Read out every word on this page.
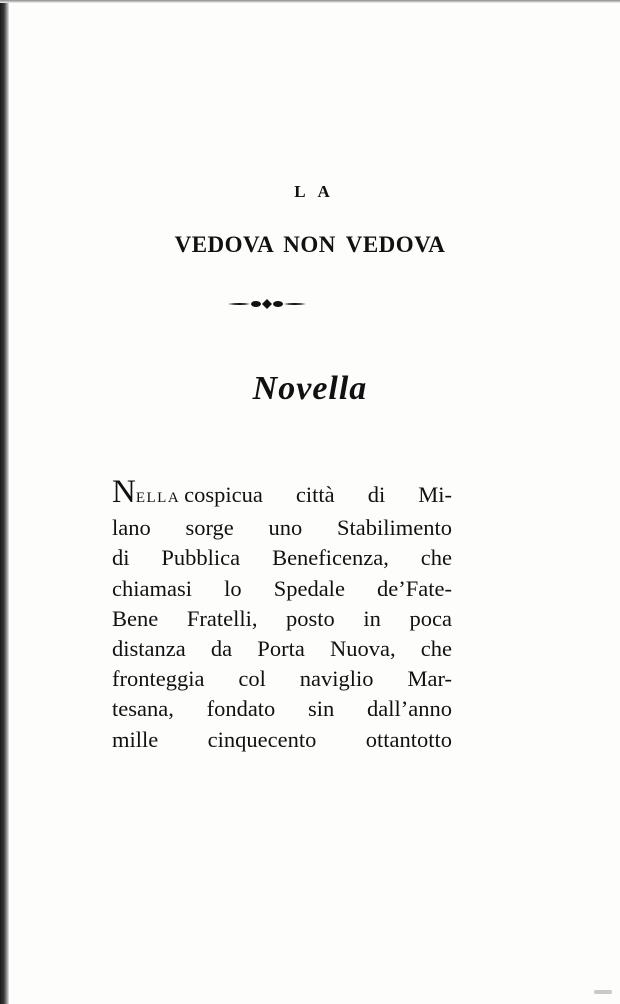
LA
VEDOVA NON VEDOVA
Novella
NELLA cospicua città di Mi-
lano sorge uno Stabilimento
di Pubblica Beneficenza, che
chiamasi lo Spedale de’Fate-
Bene Fratelli, posto in poca
distanza da Porta Nuova, che
fronteggia col naviglio Mar-
tesana, fondato sin dall’anno
mille cinquecento ottantotto
